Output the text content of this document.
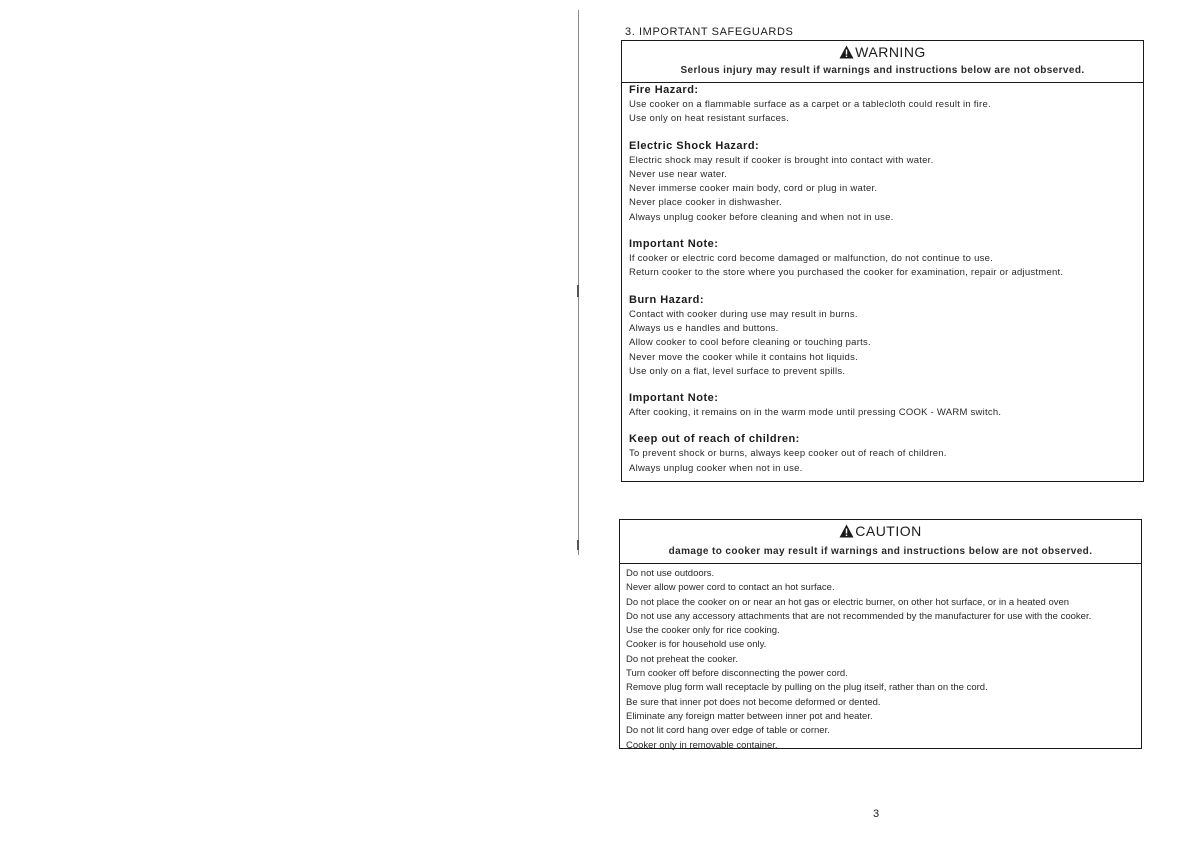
3. IMPORTANT SAFEGUARDS
WARNING
Serlous injury may result if warnings and instructions below are not observed.
Fire Hazard:
Use cooker on a flammable surface as a carpet or a tablecloth could result in fire.
Use only on heat resistant surfaces.
Electric Shock Hazard:
Electric shock may result if cooker is brought into contact with water.
Never use near water.
Never immerse cooker main body, cord or plug in water.
Never place cooker in dishwasher.
Always unplug cooker before cleaning and when not in use.
Important Note:
If cooker or electric cord become damaged or malfunction, do not continue to use.
Return cooker to the store where you purchased the cooker for examination, repair or adjustment.
Burn Hazard:
Contact with cooker during use may result in burns.
Always us e handles and buttons.
Allow cooker to cool before cleaning or touching parts.
Never move the cooker while it contains hot liquids.
Use only on a flat, level surface to prevent spills.
Important Note:
After cooking, it remains on in the warm mode until pressing COOK - WARM switch.
Keep out of reach of children:
To prevent shock or burns, always keep cooker out of reach of children.
Always unplug cooker when not in use.
CAUTION
damage to cooker may result if warnings and instructions below are not observed.
Do not use outdoors.
Never allow power cord to contact an hot surface.
Do not place the cooker on or near an hot gas or electric burner, on other hot surface, or in a heated oven
Do not use any accessory attachments that are not recommended by the manufacturer for use with the cooker.
Use the cooker only for rice cooking.
Cooker is for household use only.
Do not preheat the cooker.
Turn cooker off before disconnecting the power cord.
Remove plug form wall receptacle by pulling on the plug itself, rather than on the cord.
Be sure that inner pot does not become deformed or dented.
Eliminate any foreign matter between inner pot and heater.
Do not lit cord hang over edge of table or corner.
Cooker only in removable container.
3
